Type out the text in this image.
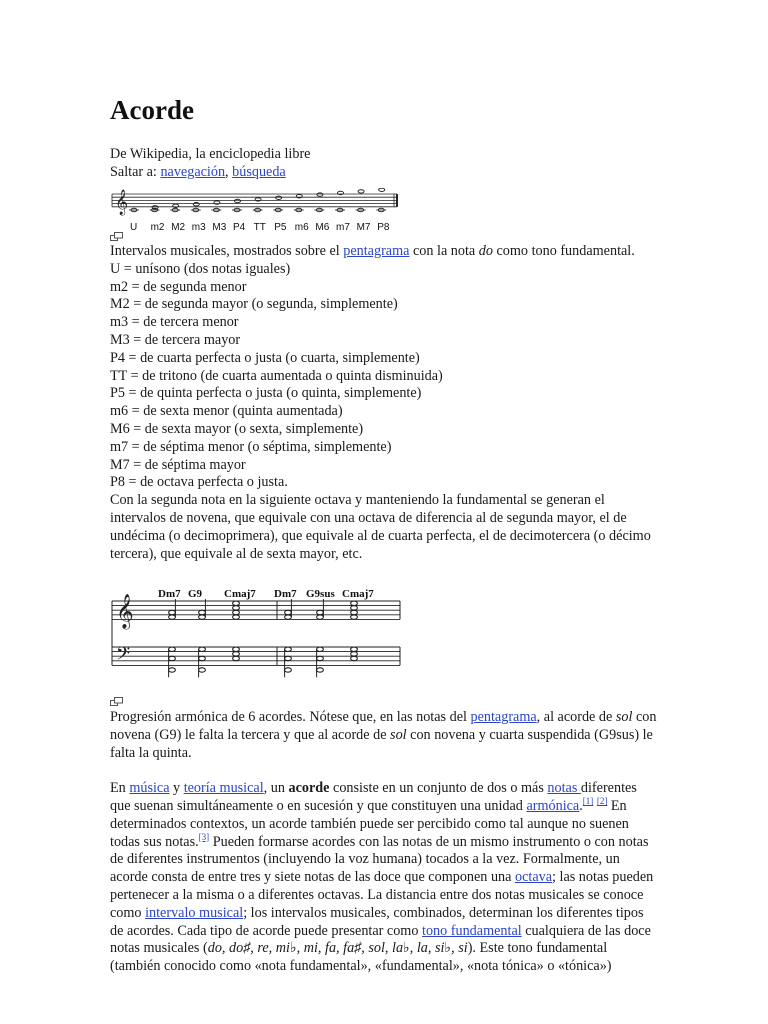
Acorde
De Wikipedia, la enciclopedia libre
Saltar a: navegación, búsqueda
𝄞
U m2 M2 m3 M3 P4 TT P5 m6 M6 m7 M7 P8

Intervalos musicales, mostrados sobre el pentagrama con la nota do como tono fundamental.

U = unísono (dos notas iguales)

m2 = de segunda menor

M2 = de segunda mayor (o segunda, simplemente)

m3 = de tercera menor

M3 = de tercera mayor

P4 = de cuarta perfecta o justa (o cuarta, simplemente)

TT = de tritono (de cuarta aumentada o quinta disminuida)

P5 = de quinta perfecta o justa (o quinta, simplemente)

m6 = de sexta menor (quinta aumentada)

M6 = de sexta mayor (o sexta, simplemente)

m7 = de séptima menor (o séptima, simplemente)

M7 = de séptima mayor

P8 = de octava perfecta o justa.

Con la segunda nota en la siguiente octava y manteniendo la fundamental se generan el intervalos de novena, que equivale con una octava de diferencia al de segunda mayor, el de undécima (o decimoprimera), que equivale al de cuarta perfecta, el de decimotercera (o décimo tercera), que equivale al de sexta mayor, etc.

𝄞
𝄢
Dm7 G9 Cmaj7 Dm7 G9sus Cmaj7

Progresión armónica de 6 acordes. Nótese que, en las notas del pentagrama, al acorde de sol con novena (G9) le falta la tercera y que al acorde de sol con novena y cuarta suspendida (G9sus) le falta la quinta.

En música y teoría musical, un acorde consiste en un conjunto de dos o más notas diferentes que suenan simultáneamente o en sucesión y que constituyen una unidad armónica.[1] [2] En determinados contextos, un acorde también puede ser percibido como tal aunque no suenen todas sus notas.[3] Pueden formarse acordes con las notas de un mismo instrumento o con notas de diferentes instrumentos (incluyendo la voz humana) tocados a la vez. Formalmente, un acorde consta de entre tres y siete notas de las doce que componen una octava; las notas pueden pertenecer a la misma o a diferentes octavas. La distancia entre dos notas musicales se conoce como intervalo musical; los intervalos musicales, combinados, determinan los diferentes tipos de acordes. Cada tipo de acorde puede presentar como tono fundamental cualquiera de las doce notas musicales (do, do♯, re, mi♭, mi, fa, fa♯, sol, la♭, la, si♭, si). Este tono fundamental (también conocido como «nota fundamental», «fundamental», «nota tónica» o «tónica»)
